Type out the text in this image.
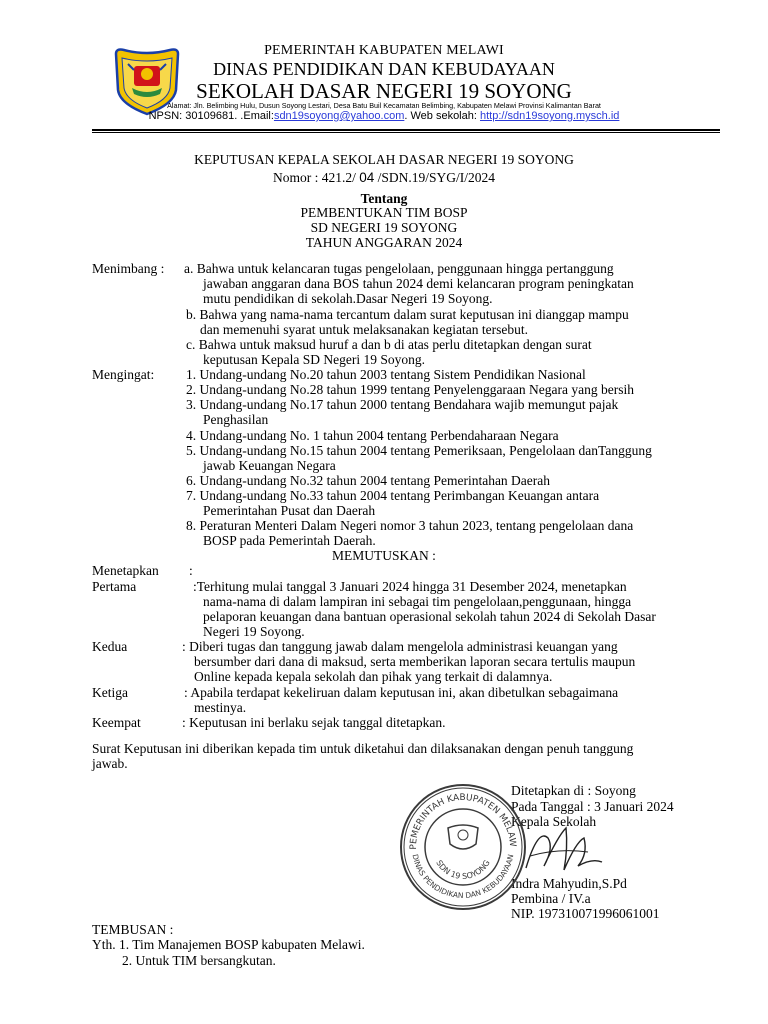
PEMERINTAH KABUPATEN MELAWI
DINAS PENDIDIKAN DAN KEBUDAYAAN
SEKOLAH DASAR NEGERI 19 SOYONG
Alamat: Jln. Belimbing Hulu, Dusun Soyong Lestari, Desa Batu Buil Kecamatan Belimbing, Kabupaten Melawi Provinsi Kalimantan Barat
NPSN: 30109681. .Email:sdn19soyong@yahoo.com. Web sekolah: http://sdn19soyong.mysch.id
KEPUTUSAN KEPALA SEKOLAH DASAR NEGERI 19 SOYONG
Nomor : 421.2/ 04 /SDN.19/SYG/I/2024
Tentang
PEMBENTUKAN TIM BOSP
SD NEGERI 19 SOYONG
TAHUN ANGGARAN 2024
Menimbang : a. Bahwa untuk kelancaran tugas pengelolaan, penggunaan hingga pertanggung
jawaban anggaran dana BOS tahun 2024 demi kelancaran program peningkatan
mutu pendidikan di sekolah.Dasar Negeri 19 Soyong.
b. Bahwa yang nama-nama tercantum dalam surat keputusan ini dianggap mampu
dan memenuhi syarat untuk melaksanakan kegiatan tersebut.
c. Bahwa untuk maksud huruf a dan b di atas perlu ditetapkan dengan surat
keputusan Kepala SD Negeri 19 Soyong.
Mengingat: 1. Undang-undang No.20 tahun 2003 tentang Sistem Pendidikan Nasional
2. Undang-undang No.28 tahun 1999 tentang Penyelenggaraan Negara yang bersih
3. Undang-undang No.17 tahun 2000 tentang Bendahara wajib memungut pajak
Penghasilan
4. Undang-undang No. 1 tahun 2004 tentang Perbendaharaan Negara
5. Undang-undang No.15 tahun 2004 tentang Pemeriksaan, Pengelolaan danTanggung
jawab Keuangan Negara
6. Undang-undang No.32 tahun 2004 tentang Pemerintahan Daerah
7. Undang-undang No.33 tahun 2004 tentang Perimbangan Keuangan antara
Pemerintahan Pusat dan Daerah
8. Peraturan Menteri Dalam Negeri nomor 3 tahun 2023, tentang pengelolaan dana
BOSP pada Pemerintah Daerah.
MEMUTUSKAN :
Menetapkan :
Pertama	:Terhitung mulai tanggal 3 Januari 2024 hingga 31 Desember 2024, menetapkan
nama-nama di dalam lampiran ini sebagai tim pengelolaan,penggunaan, hingga
pelaporan keuangan dana bantuan operasional sekolah tahun 2024 di Sekolah Dasar
Negeri 19 Soyong.
Kedua	: Diberi tugas dan tanggung jawab dalam mengelola administrasi keuangan yang
bersumber dari dana di maksud, serta memberikan laporan secara tertulis maupun
Online kepada kepala sekolah dan pihak yang terkait di dalamnya.
Ketiga	: Apabila terdapat kekeliruan dalam keputusan ini, akan dibetulkan sebagaimana
mestinya.
Keempat	: Keputusan ini berlaku sejak tanggal ditetapkan.
Surat Keputusan ini diberikan kepada tim untuk diketahui dan dilaksanakan dengan penuh tanggung
jawab.
Ditetapkan di : Soyong
Pada Tanggal : 3 Januari 2024
Kepala Sekolah
Indra Mahyudin,S.Pd
Pembina / IV.a
NIP. 197310071996061001
PEMERINTAH KABUPATEN MELAW
DINAS PENDIDIKAN DAN KEBUDAYAAN
SDN 19 SOYONG
TEMBUSAN :
Yth. 1. Tim Manajemen BOSP kabupaten Melawi.
2. Untuk TIM bersangkutan.
